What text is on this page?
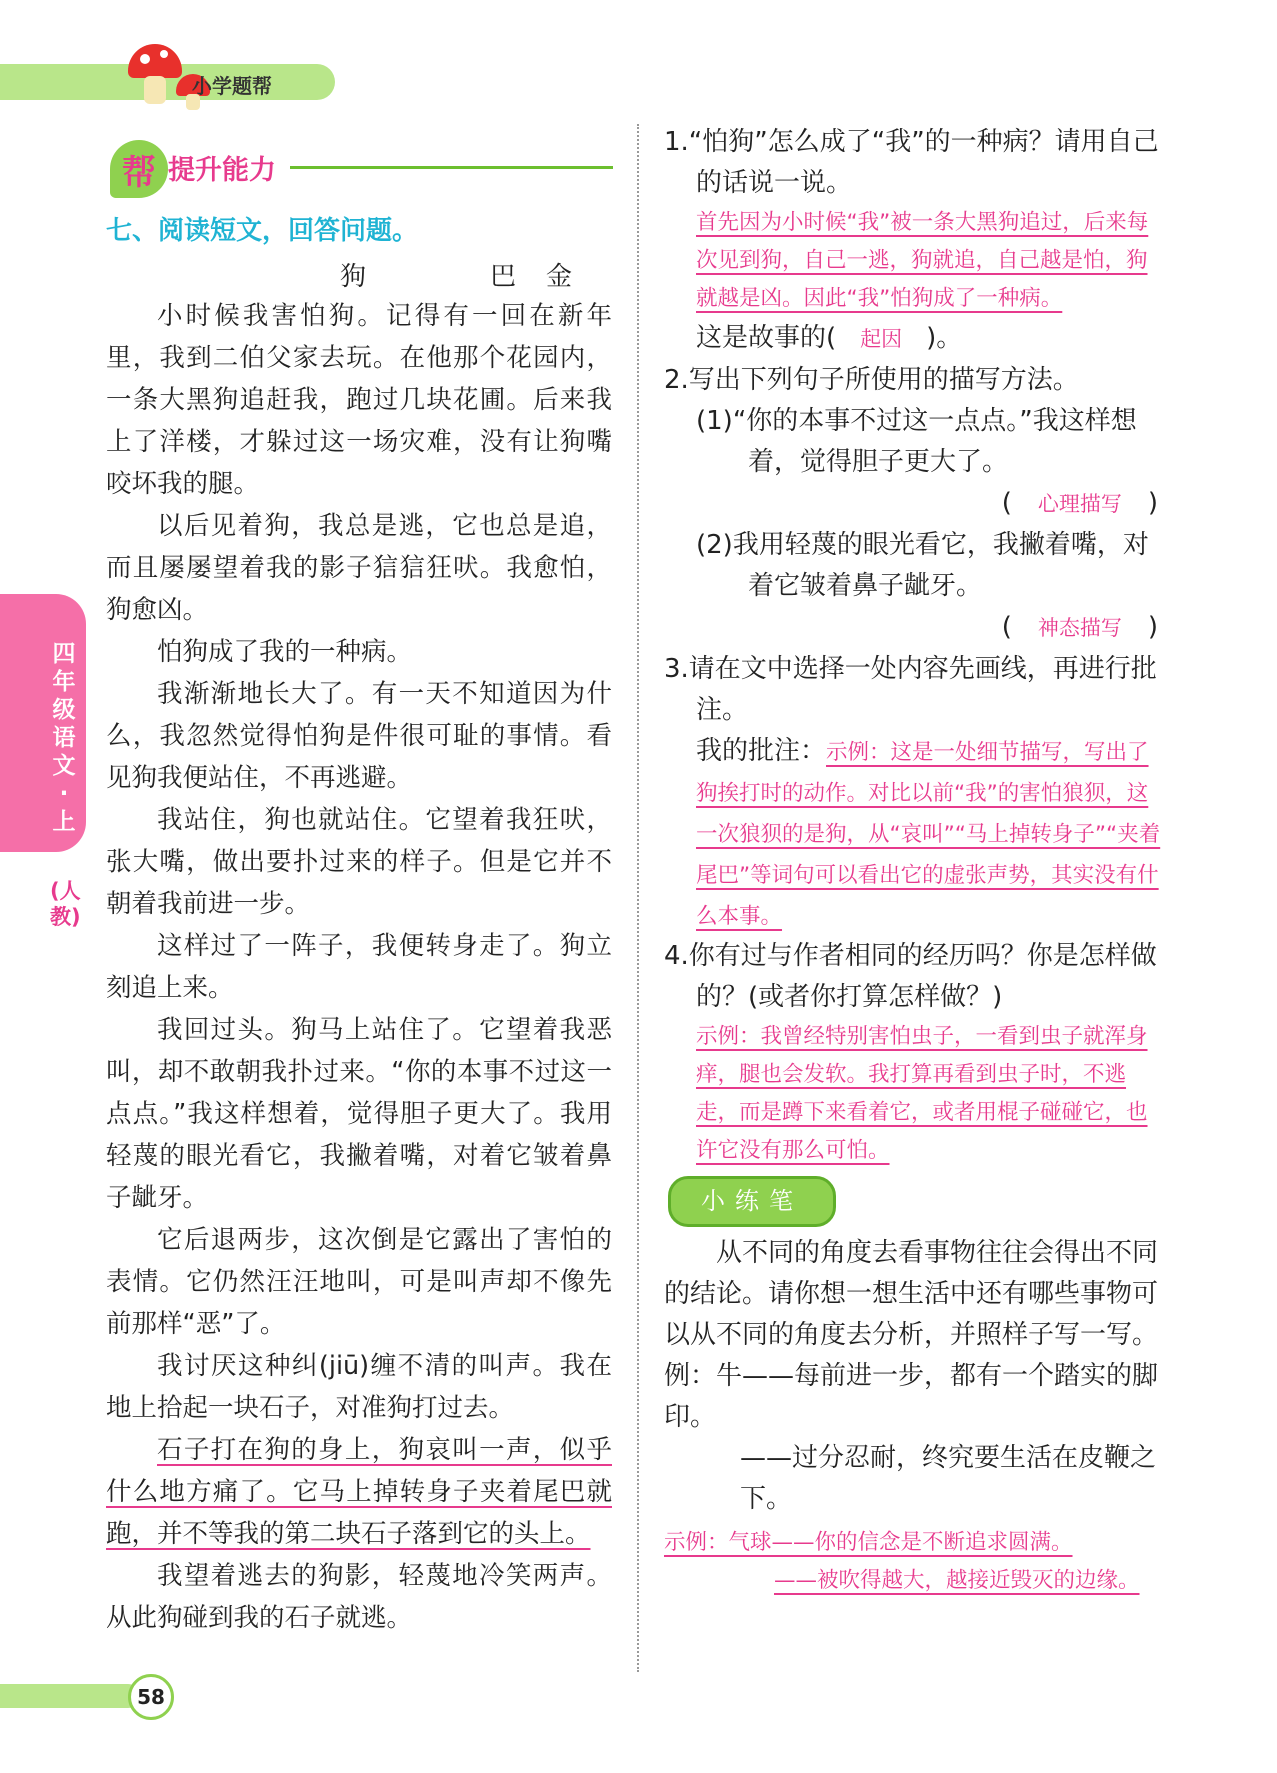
小学题帮
帮 提升能力
四年级语文·上
(人教)
七、阅读短文，回答问题。
狗	巴金

小时候我害怕狗。记得有一回在新年里，我到二伯父家去玩。在他那个花园内，一条大黑狗追赶我，跑过几块花圃。后来我上了洋楼，才躲过这一场灾难，没有让狗嘴咬坏我的腿。

以后见着狗，我总是逃，它也总是追，而且屡屡望着我的影子狺狺狂吠。我愈怕，狗愈凶。

怕狗成了我的一种病。

我渐渐地长大了。有一天不知道因为什么，我忽然觉得怕狗是件很可耻的事情。看见狗我便站住，不再逃避。

我站住，狗也就站住。它望着我狂吠，张大嘴，做出要扑过来的样子。但是它并不朝着我前进一步。

这样过了一阵子，我便转身走了。狗立刻追上来。

我回过头。狗马上站住了。它望着我恶叫，却不敢朝我扑过来。“你的本事不过这一点点。”我这样想着，觉得胆子更大了。我用轻蔑的眼光看它，我撇着嘴，对着它皱着鼻子龇牙。

它后退两步，这次倒是它露出了害怕的表情。它仍然汪汪地叫，可是叫声却不像先前那样“恶”了。

我讨厌这种纠(jiū)缠不清的叫声。我在地上拾起一块石子，对准狗打过去。

石子打在狗的身上，狗哀叫一声，似乎什么地方痛了。它马上掉转身子夹着尾巴就跑，并不等我的第二块石子落到它的头上。

我望着逃去的狗影，轻蔑地冷笑两声。从此狗碰到我的石子就逃。

1.“怕狗”怎么成了“我”的一种病？请用自己的话说一说。

首先因为小时候“我”被一条大黑狗追过，后来每次见到狗，自己一逃，狗就追，自己越是怕，狗就越是凶。因此“我”怕狗成了一种病。

这是故事的( 起因 )。

2.写出下列句子所使用的描写方法。

(1)“你的本事不过这一点点。”我这样想着，觉得胆子更大了。

( 心理描写 )

(2)我用轻蔑的眼光看它，我撇着嘴，对着它皱着鼻子龇牙。

( 神态描写 )

3.请在文中选择一处内容先画线，再进行批注。

我的批注：示例：这是一处细节描写，写出了狗挨打时的动作。对比以前“我”的害怕狼狈，这一次狼狈的是狗，从“哀叫”“马上掉转身子”“夹着尾巴”等词句可以看出它的虚张声势，其实没有什么本事。

4.你有过与作者相同的经历吗？你是怎样做的？(或者你打算怎样做？)

示例：我曾经特别害怕虫子，一看到虫子就浑身痒，腿也会发软。我打算再看到虫子时，不逃走，而是蹲下来看着它，或者用棍子碰碰它，也许它没有那么可怕。

小练笔

从不同的角度去看事物往往会得出不同的结论。请你想一想生活中还有哪些事物可以从不同的角度去分析，并照样子写一写。

例：牛——每前进一步，都有一个踏实的脚印。

——过分忍耐，终究要生活在皮鞭之下。

示例：气球——你的信念是不断追求圆满。

——被吹得越大，越接近毁灭的边缘。

58
